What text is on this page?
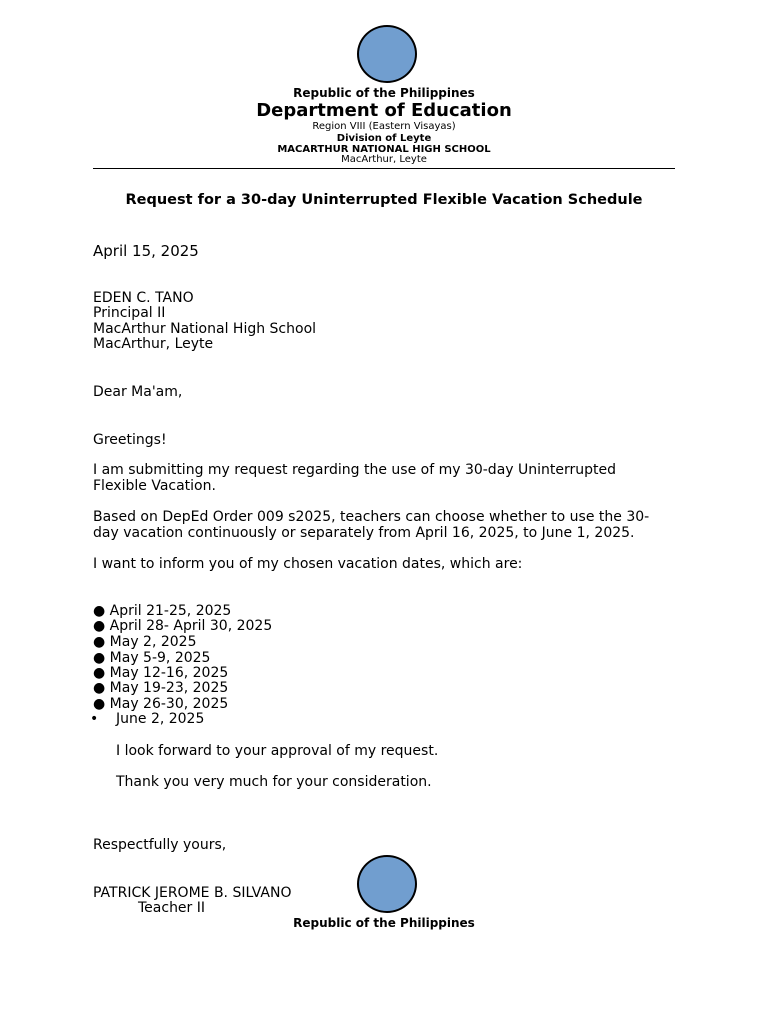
Republic of the Philippines
Department of Education
Region VIII (Eastern Visayas)
Division of Leyte
MACARTHUR NATIONAL HIGH SCHOOL
MacArthur, Leyte
Request for a 30-day Uninterrupted Flexible Vacation Schedule
April 15, 2025
EDEN C. TANO
Principal II
MacArthur National High School
MacArthur, Leyte
Dear Ma'am,
Greetings!
I am submitting my request regarding the use of my 30-day Uninterrupted Flexible Vacation.
Based on DepEd Order 009 s2025, teachers can choose whether to use the 30-day vacation continuously or separately from April 16, 2025, to June 1, 2025.
I want to inform you of my chosen vacation dates, which are:
● April 21-25, 2025
● April 28- April 30, 2025
● May 2, 2025
● May 5-9, 2025
● May 12-16, 2025
● May 19-23, 2025
● May 26-30, 2025
• June 2, 2025
I look forward to your approval of my request.
Thank you very much for your consideration.
Respectfully yours,
PATRICK JEROME B. SILVANO
Teacher II
Republic of the Philippines
